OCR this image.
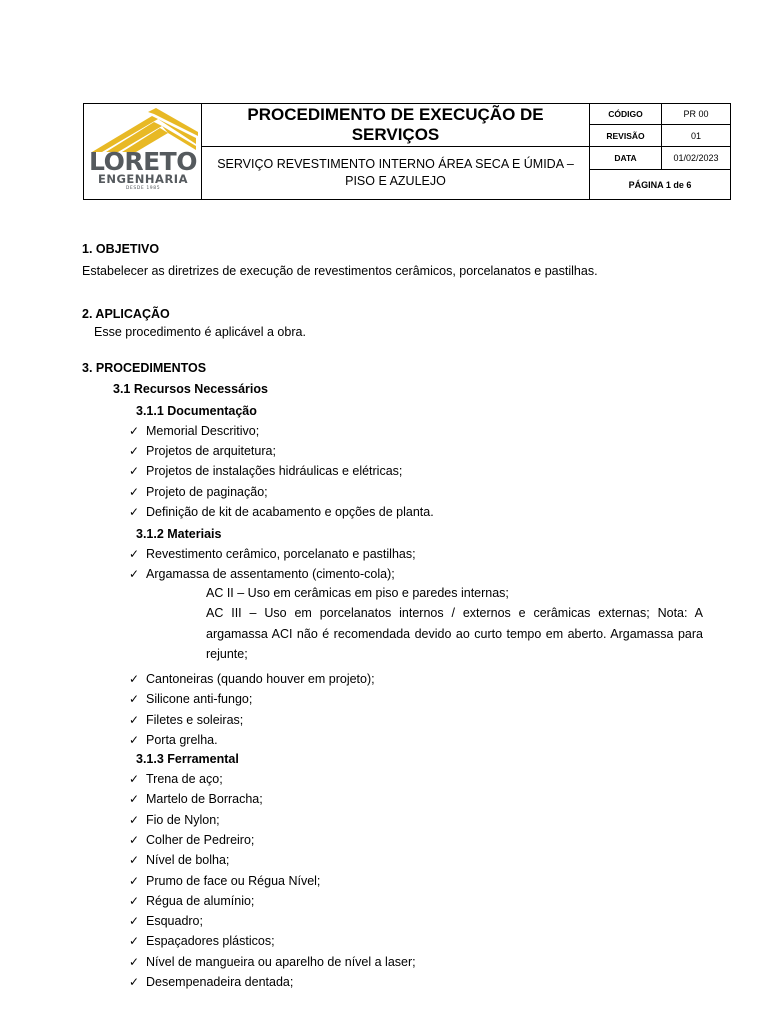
LORETO
ENGENHARIA
DESDE 1985
PROCEDIMENTO DE EXECUÇÃO DE SERVIÇOS
SERVIÇO REVESTIMENTO INTERNO ÁREA SECA E ÚMIDA – PISO E AZULEJO
CÓDIGO	PR 00
REVISÃO	01
DATA	01/02/2023
PÁGINA 1 de 6
1. OBJETIVO
Estabelecer as diretrizes de execução de revestimentos cerâmicos, porcelanatos e pastilhas.
2. APLICAÇÃO
Esse procedimento é aplicável a obra.
3. PROCEDIMENTOS
3.1 Recursos Necessários
3.1.1 Documentação
✓ Memorial Descritivo;
✓ Projetos de arquitetura;
✓ Projetos de instalações hidráulicas e elétricas;
✓ Projeto de paginação;
✓ Definição de kit de acabamento e opções de planta.
3.1.2 Materiais
✓ Revestimento cerâmico, porcelanato e pastilhas;
✓ Argamassa de assentamento (cimento-cola);
AC II – Uso em cerâmicas em piso e paredes internas;
AC III – Uso em porcelanatos internos / externos e cerâmicas externas; Nota: A argamassa ACI não é recomendada devido ao curto tempo em aberto. Argamassa para rejunte;
✓ Cantoneiras (quando houver em projeto);
✓ Silicone anti-fungo;
✓ Filetes e soleiras;
✓ Porta grelha.
3.1.3 Ferramental
✓ Trena de aço;
✓ Martelo de Borracha;
✓ Fio de Nylon;
✓ Colher de Pedreiro;
✓ Nível de bolha;
✓ Prumo de face ou Régua Nível;
✓ Régua de alumínio;
✓ Esquadro;
✓ Espaçadores plásticos;
✓ Nível de mangueira ou aparelho de nível a laser;
✓ Desempenadeira dentada;
